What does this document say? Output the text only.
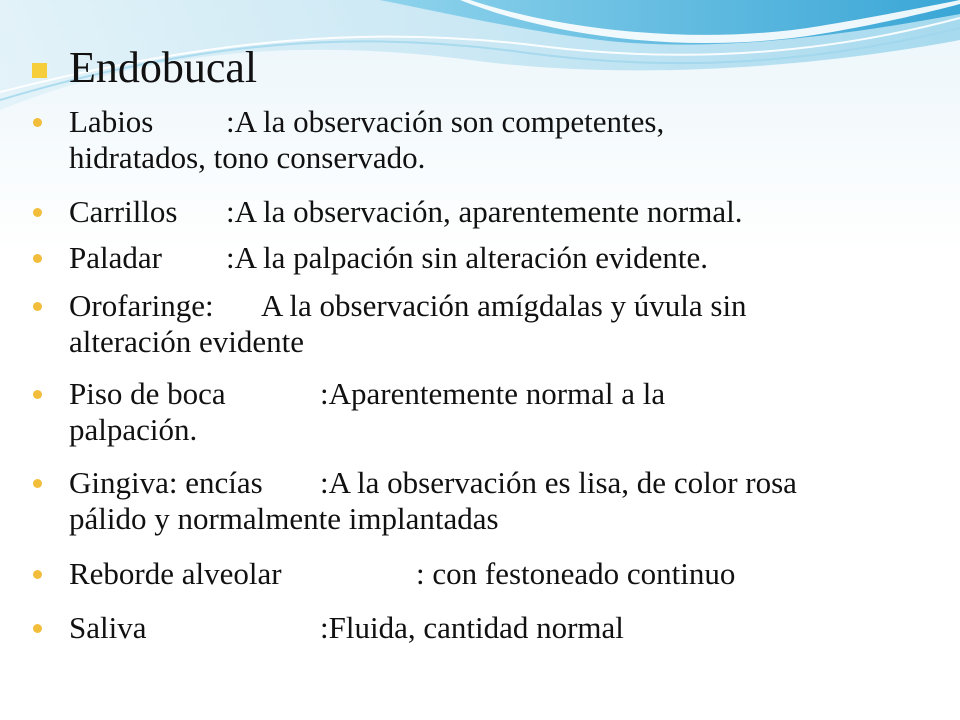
Endobucal
Labios :A la observación son competentes,
hidratados, tono conservado.
Carrillos :A la observación, aparentemente normal.
Paladar :A la palpación sin alteración evidente.
Orofaringe: A la observación amígdalas y úvula sin
alteración evidente
Piso de boca	:Aparentemente normal a la
palpación.
Gingiva: encías :A la observación es lisa, de color rosa
pálido y normalmente implantadas
Reborde alveolar	: con festoneado continuo
Saliva	:Fluida, cantidad normal
